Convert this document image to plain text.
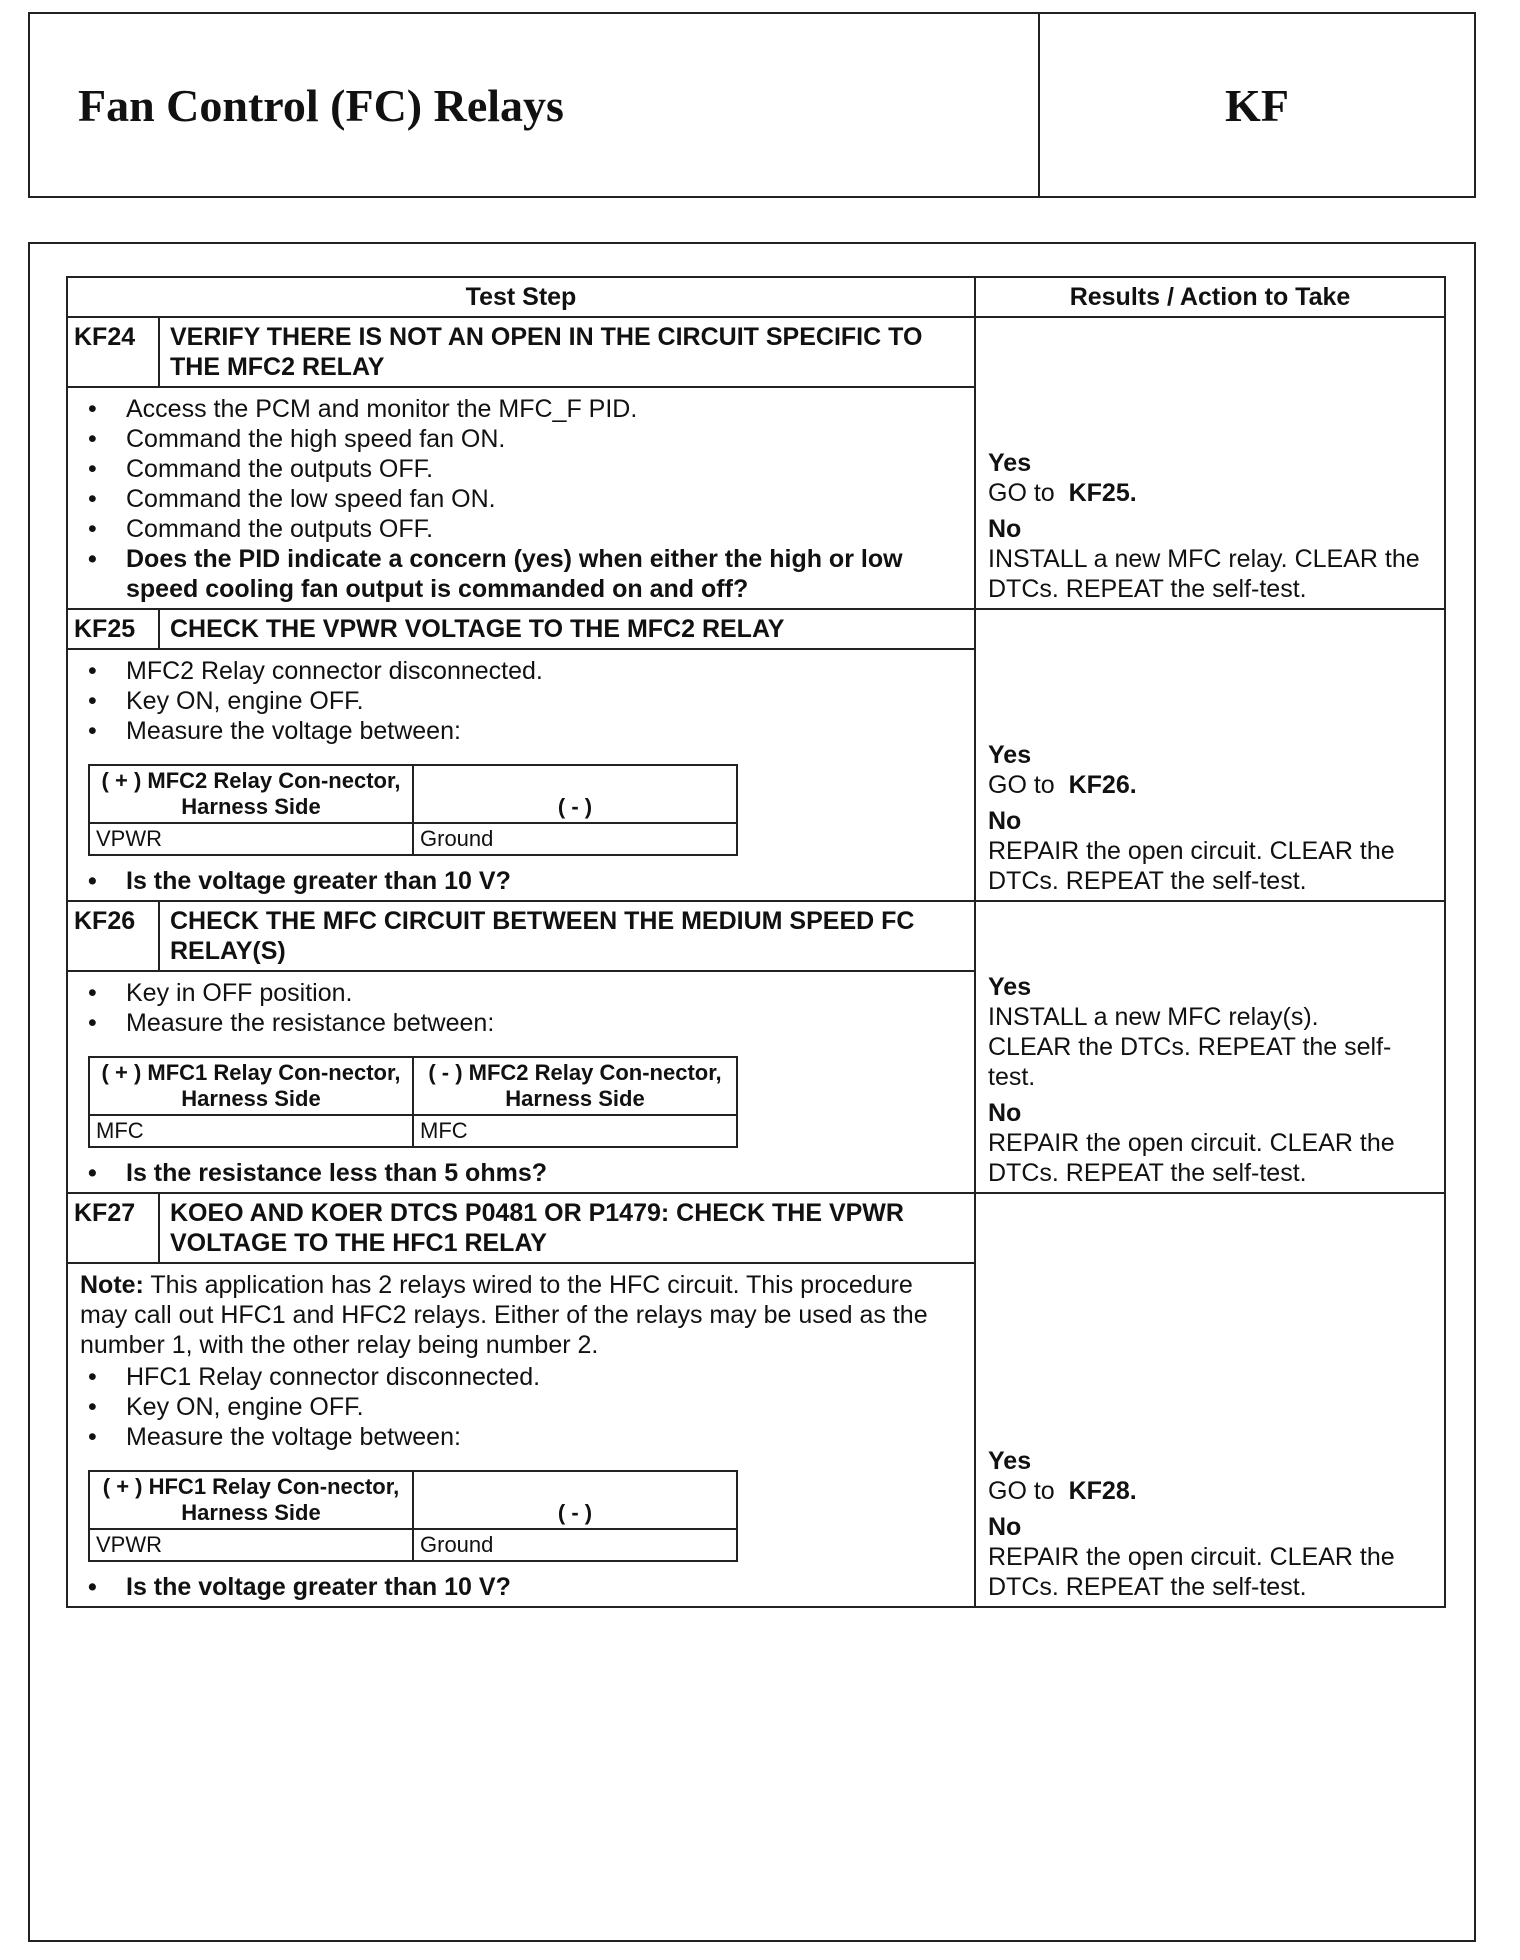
Fan Control (FC) Relays	KF
Test Step	Results / Action to Take

KF24	VERIFY THERE IS NOT AN OPEN IN THE CIRCUIT SPECIFIC TO THE MFC2 RELAY

• Access the PCM and monitor the MFC_F PID.
• Command the high speed fan ON.
• Command the outputs OFF.
• Command the low speed fan ON.
• Command the outputs OFF.
• Does the PID indicate a concern (yes) when either the high or low speed cooling fan output is commanded on and off?

Yes
GO to KF25.
No
INSTALL a new MFC relay. CLEAR the DTCs. REPEAT the self-test.

KF25	CHECK THE VPWR VOLTAGE TO THE MFC2 RELAY

• MFC2 Relay connector disconnected.
• Key ON, engine OFF.
• Measure the voltage between:
( + ) MFC2 Relay Con-nector, Harness Side	( - )
VPWR	Ground
• Is the voltage greater than 10 V?

Yes
GO to KF26.
No
REPAIR the open circuit. CLEAR the DTCs. REPEAT the self-test.

KF26	CHECK THE MFC CIRCUIT BETWEEN THE MEDIUM SPEED FC RELAY(S)

• Key in OFF position.
• Measure the resistance between:
( + ) MFC1 Relay Con-nector, Harness Side	( - ) MFC2 Relay Con-nector, Harness Side
MFC	MFC
• Is the resistance less than 5 ohms?

Yes
INSTALL a new MFC relay(s).
CLEAR the DTCs. REPEAT the self-test.
No
REPAIR the open circuit. CLEAR the DTCs. REPEAT the self-test.

KF27	KOEO AND KOER DTCS P0481 OR P1479: CHECK THE VPWR VOLTAGE TO THE HFC1 RELAY

Note: This application has 2 relays wired to the HFC circuit. This procedure may call out HFC1 and HFC2 relays. Either of the relays may be used as the number 1, with the other relay being number 2.
• HFC1 Relay connector disconnected.
• Key ON, engine OFF.
• Measure the voltage between:
( + ) HFC1 Relay Con-nector, Harness Side	( - )
VPWR	Ground
• Is the voltage greater than 10 V?

Yes
GO to KF28.
No
REPAIR the open circuit. CLEAR the DTCs. REPEAT the self-test.
